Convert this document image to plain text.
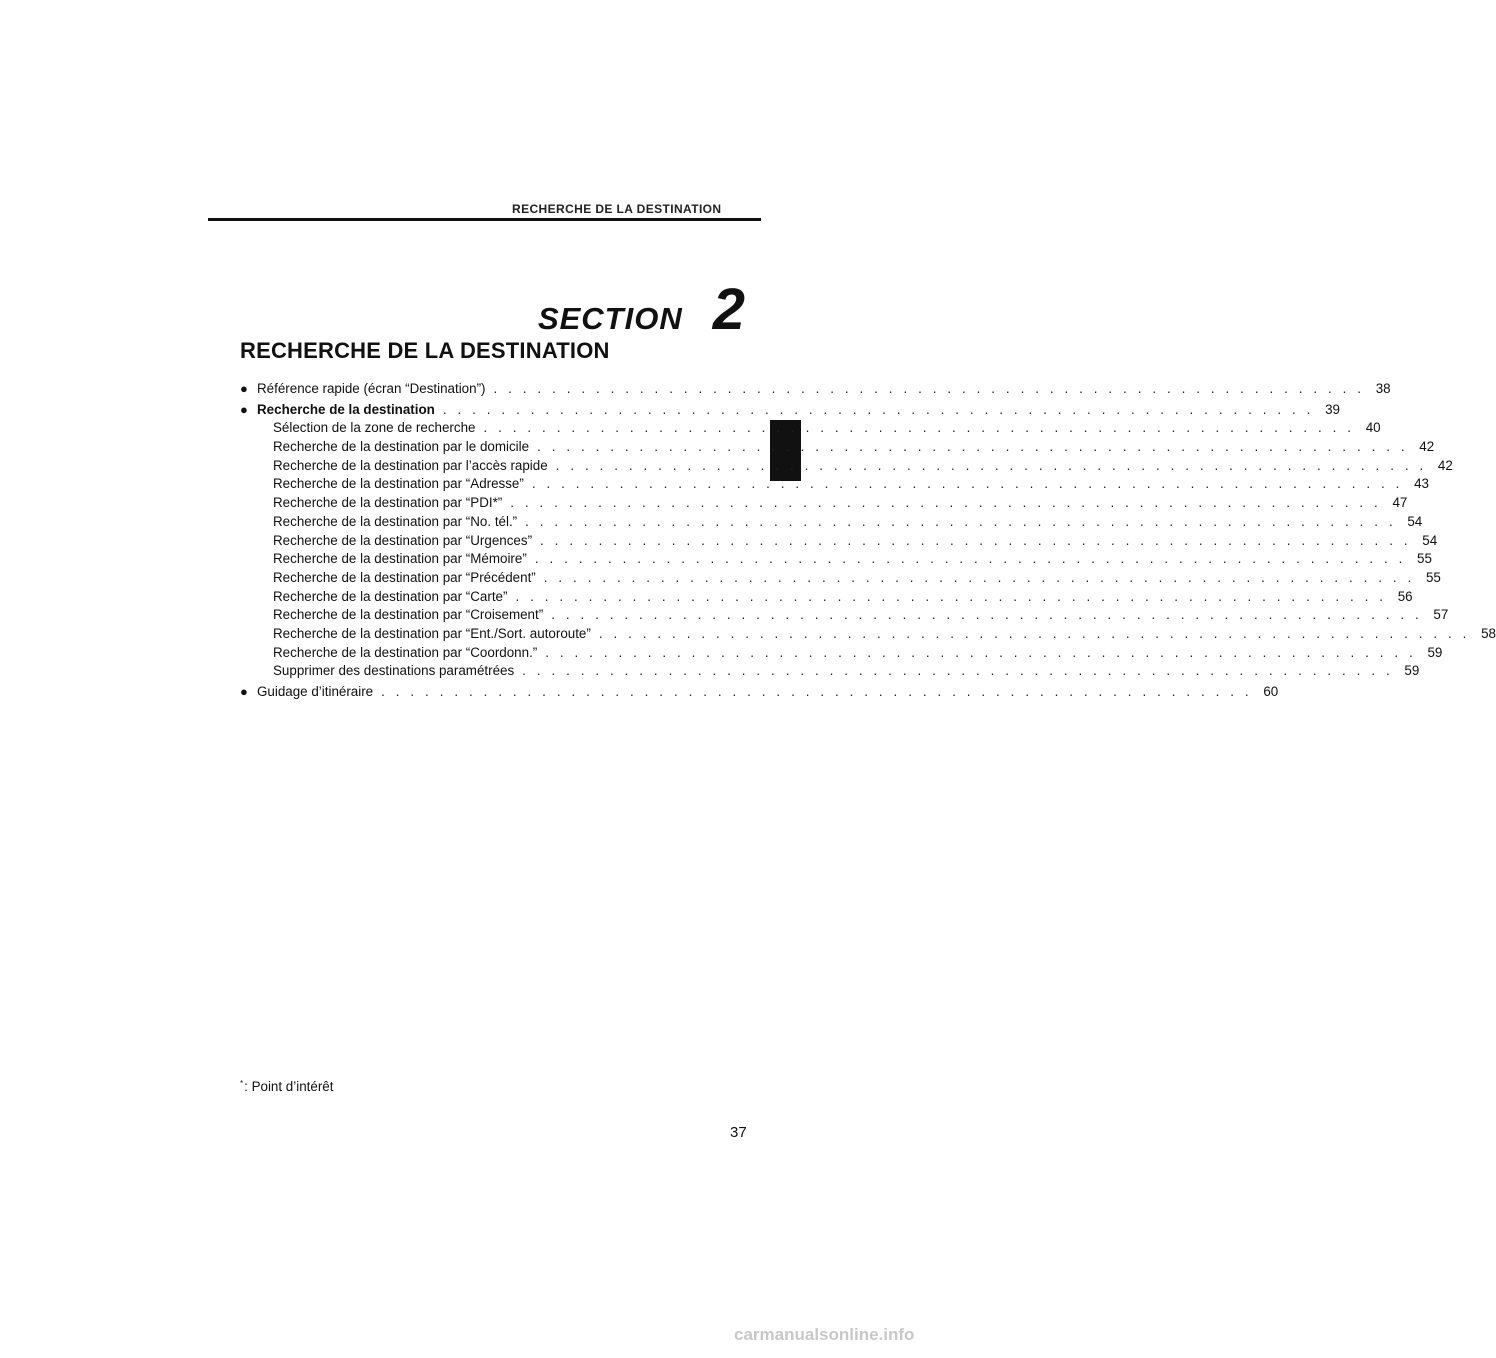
RECHERCHE DE LA DESTINATION
SECTION 2
RECHERCHE DE LA DESTINATION
● Référence rapide (écran “Destination”) . . . . . . . . . . . . . . . . . . . . . . . . . . . . . . . . . . . . . . . . . . . . . . . . . . . . . . . . . . . . 38
● Recherche de la destination . . . . . . . . . . . . . . . . . . . . . . . . . . . . . . . . . . . . . . . . . . . . . . . . . . . . . . . . . . . . 39
Sélection de la zone de recherche . . . . . . . . . . . . . . . . . . . . . . . . . . . . . . . . . . . . . . . . . . . . . . . . . . . . . . . . . . . . 40
Recherche de la destination par le domicile . . . . . . . . . . . . . . . . . . . . . . . . . . . . . . . . . . . . . . . . . . . . . . . . . . . . . . . . . . . . 42
Recherche de la destination par l’accès rapide . . . . . . . . . . . . . . . . . . . . . . . . . . . . . . . . . . . . . . . . . . . . . . . . . . . . . . . . . . . . 42
Recherche de la destination par “Adresse” . . . . . . . . . . . . . . . . . . . . . . . . . . . . . . . . . . . . . . . . . . . . . . . . . . . . . . . . . . . . 43
Recherche de la destination par “PDI*” . . . . . . . . . . . . . . . . . . . . . . . . . . . . . . . . . . . . . . . . . . . . . . . . . . . . . . . . . . . . 47
Recherche de la destination par “No. tél.” . . . . . . . . . . . . . . . . . . . . . . . . . . . . . . . . . . . . . . . . . . . . . . . . . . . . . . . . . . . . 54
Recherche de la destination par “Urgences” . . . . . . . . . . . . . . . . . . . . . . . . . . . . . . . . . . . . . . . . . . . . . . . . . . . . . . . . . . . . 54
Recherche de la destination par “Mémoire” . . . . . . . . . . . . . . . . . . . . . . . . . . . . . . . . . . . . . . . . . . . . . . . . . . . . . . . . . . . . 55
Recherche de la destination par “Précédent” . . . . . . . . . . . . . . . . . . . . . . . . . . . . . . . . . . . . . . . . . . . . . . . . . . . . . . . . . . . . 55
Recherche de la destination par “Carte” . . . . . . . . . . . . . . . . . . . . . . . . . . . . . . . . . . . . . . . . . . . . . . . . . . . . . . . . . . . . 56
Recherche de la destination par “Croisement” . . . . . . . . . . . . . . . . . . . . . . . . . . . . . . . . . . . . . . . . . . . . . . . . . . . . . . . . . . . . 57
Recherche de la destination par “Ent./Sort. autoroute” . . . . . . . . . . . . . . . . . . . . . . . . . . . . . . . . . . . . . . . . . . . . . . . . . . . . . . . . . . . . 58
Recherche de la destination par “Coordonn.” . . . . . . . . . . . . . . . . . . . . . . . . . . . . . . . . . . . . . . . . . . . . . . . . . . . . . . . . . . . . 59
Supprimer des destinations paramétrées . . . . . . . . . . . . . . . . . . . . . . . . . . . . . . . . . . . . . . . . . . . . . . . . . . . . . . . . . . . . 59
● Guidage d’itinéraire . . . . . . . . . . . . . . . . . . . . . . . . . . . . . . . . . . . . . . . . . . . . . . . . . . . . . . . . . . . . 60
*: Point d’intérêt
37
carmanualsonline.info
